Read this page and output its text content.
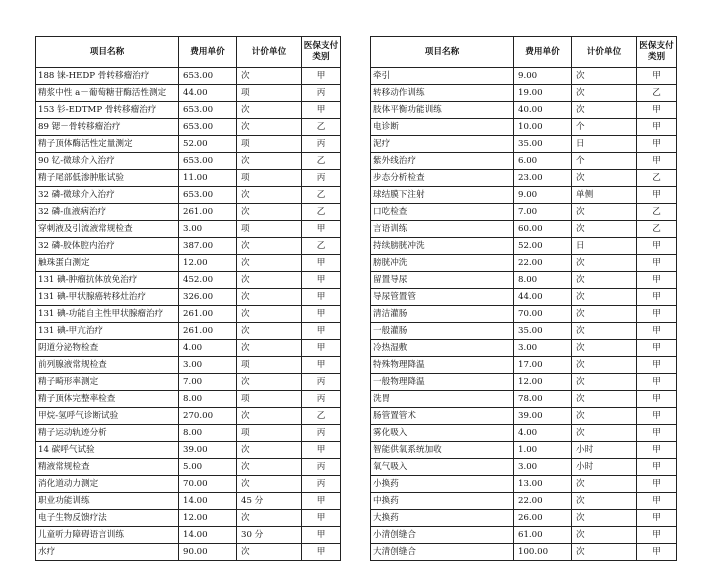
项目名称	费用单价	计价单位	医保支付类别
188 铼-HEDP 骨转移瘤治疗	653.00	次	甲
精浆中性 a－葡萄糖苷酶活性测定	44.00	项	丙
153 钐-EDTMP 骨转移瘤治疗	653.00	次	甲
89 锶－骨转移瘤治疗	653.00	次	乙
精子顶体酶活性定量测定	52.00	项	丙
90 钇-微球介入治疗	653.00	次	乙
精子尾部低渗肿胀试验	11.00	项	丙
32 磷-微球介入治疗	653.00	次	乙
32 磷-血液病治疗	261.00	次	乙
穿刺液及引流液常规检查	3.00	项	甲
32 磷-胶体腔内治疗	387.00	次	乙
触珠蛋白测定	12.00	次	甲
131 碘-肿瘤抗体放免治疗	452.00	次	甲
131 碘-甲状腺癌转移灶治疗	326.00	次	甲
131 碘-功能自主性甲状腺瘤治疗	261.00	次	甲
131 碘-甲亢治疗	261.00	次	甲
阴道分泌物检查	4.00	次	甲
前列腺液常规检查	3.00	项	甲
精子畸形率测定	7.00	次	丙
精子顶体完整率检查	8.00	项	丙
甲烷-氢呼气诊断试验	270.00	次	乙
精子运动轨迹分析	8.00	项	丙
14 碳呼气试验	39.00	次	甲
精液常规检查	5.00	次	丙
消化道动力测定	70.00	次	丙
职业功能训练	14.00	45 分	甲
电子生物反馈疗法	12.00	次	甲
儿童听力障碍语言训练	14.00	30 分	甲
水疗	90.00	次	甲
项目名称	费用单价	计价单位	医保支付类别
牵引	9.00	次	甲
转移动作训练	19.00	次	乙
肢体平衡功能训练	40.00	次	甲
电诊断	10.00	个	甲
泥疗	35.00	日	甲
紫外线治疗	6.00	个	甲
步态分析检查	23.00	次	乙
球结膜下注射	9.00	单侧	甲
口吃检查	7.00	次	乙
言语训练	60.00	次	乙
持续膀胱冲洗	52.00	日	甲
膀胱冲洗	22.00	次	甲
留置导尿	8.00	次	甲
导尿管置管	44.00	次	甲
清洁灌肠	70.00	次	甲
一般灌肠	35.00	次	甲
冷热湿敷	3.00	次	甲
特殊物理降温	17.00	次	甲
一般物理降温	12.00	次	甲
洗胃	78.00	次	甲
肠管置管术	39.00	次	甲
雾化吸入	4.00	次	甲
智能供氧系统加收	1.00	小时	甲
氧气吸入	3.00	小时	甲
小换药	13.00	次	甲
中换药	22.00	次	甲
大换药	26.00	次	甲
小清创缝合	61.00	次	甲
大清创缝合	100.00	次	甲
